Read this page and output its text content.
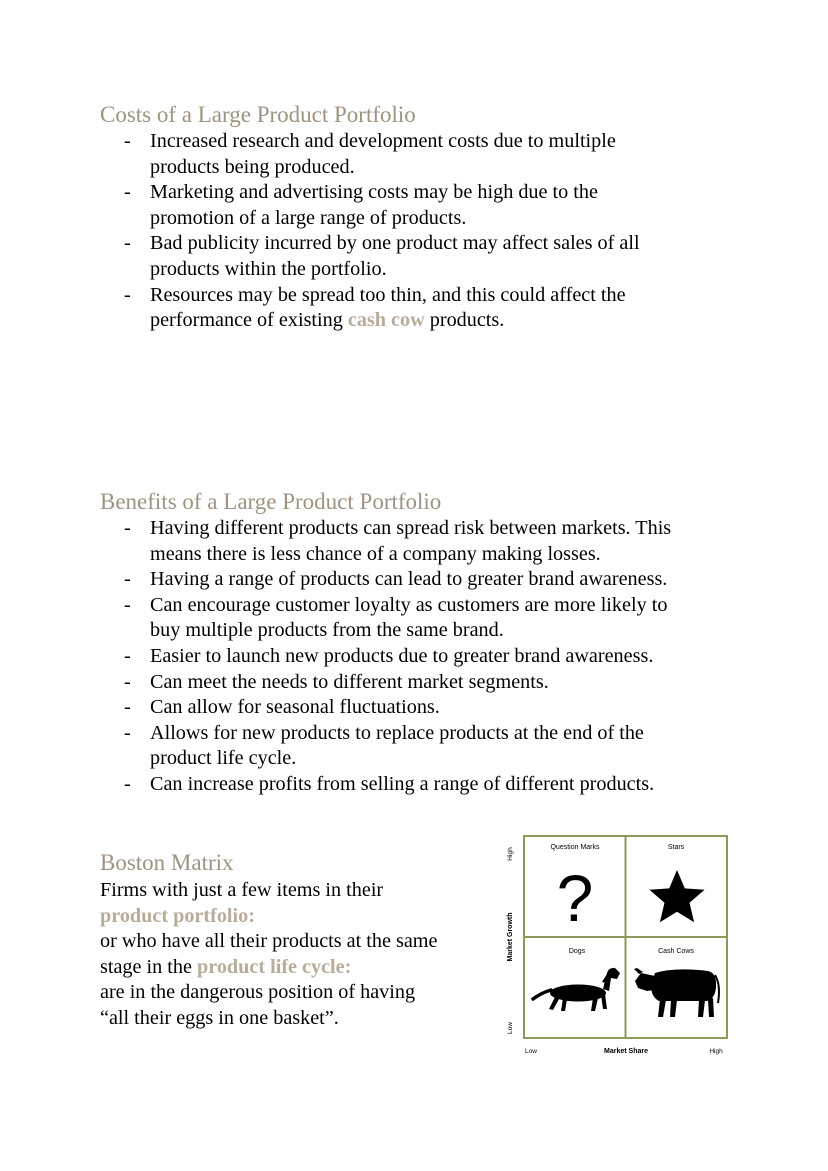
Costs of a Large Product Portfolio
- Increased research and development costs due to multiple
products being produced.
- Marketing and advertising costs may be high due to the
promotion of a large range of products.
- Bad publicity incurred by one product may affect sales of all
products within the portfolio.
- Resources may be spread too thin, and this could affect the
performance of existing cash cow products.
Benefits of a Large Product Portfolio
- Having different products can spread risk between markets. This
means there is less chance of a company making losses.
- Having a range of products can lead to greater brand awareness.
- Can encourage customer loyalty as customers are more likely to
buy multiple products from the same brand.
- Easier to launch new products due to greater brand awareness.
- Can meet the needs to different market segments.
- Can allow for seasonal fluctuations.
- Allows for new products to replace products at the end of the
product life cycle.
- Can increase profits from selling a range of different products.
Boston Matrix
Firms with just a few items in their
product portfolio:
or who have all their products at the same
stage in the product life cycle:
are in the dangerous position of having
“all their eggs in one basket”.
Question Marks	Stars
Dogs	Cash Cows
?
High
Market Growth
Low
Low	Market Share	High
